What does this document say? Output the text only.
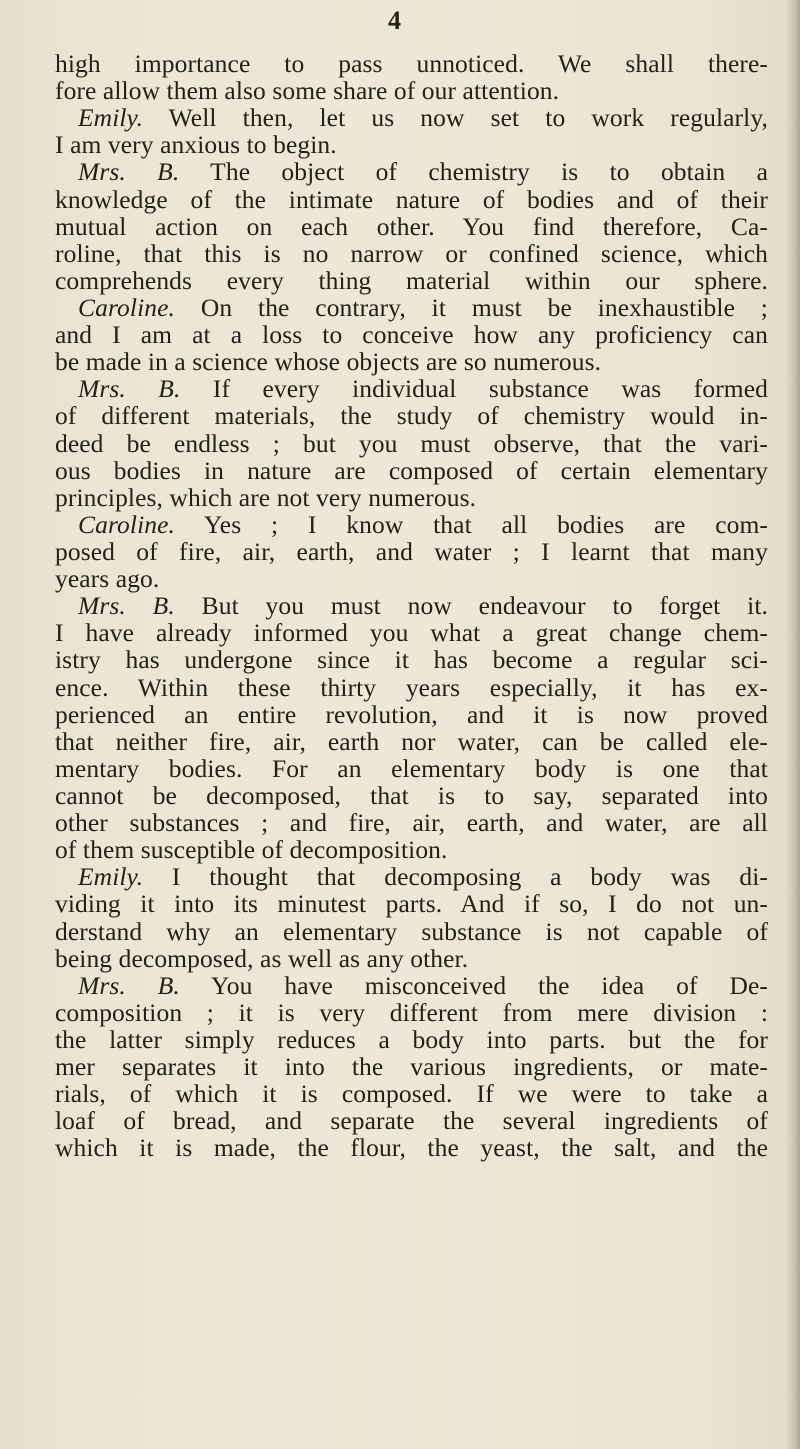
4
high importance to pass unnoticed. We shall there-
fore allow them also some share of our attention.
Emily. Well then, let us now set to work regularly,
I am very anxious to begin.
Mrs. B. The object of chemistry is to obtain a
knowledge of the intimate nature of bodies and of their
mutual action on each other. You find therefore, Ca-
roline, that this is no narrow or confined science, which
comprehends every thing material within our sphere.
Caroline. On the contrary, it must be inexhaustible ;
and I am at a loss to conceive how any proficiency can
be made in a science whose objects are so numerous.
Mrs. B. If every individual substance was formed
of different materials, the study of chemistry would in-
deed be endless ; but you must observe, that the vari-
ous bodies in nature are composed of certain elementary
principles, which are not very numerous.
Caroline. Yes ; I know that all bodies are com-
posed of fire, air, earth, and water ; I learnt that many
years ago.
Mrs. B. But you must now endeavour to forget it.
I have already informed you what a great change chem-
istry has undergone since it has become a regular sci-
ence. Within these thirty years especially, it has ex-
perienced an entire revolution, and it is now proved
that neither fire, air, earth nor water, can be called ele-
mentary bodies. For an elementary body is one that
cannot be decomposed, that is to say, separated into
other substances ; and fire, air, earth, and water, are all
of them susceptible of decomposition.
Emily. I thought that decomposing a body was di-
viding it into its minutest parts. And if so, I do not un-
derstand why an elementary substance is not capable of
being decomposed, as well as any other.
Mrs. B. You have misconceived the idea of De-
composition ; it is very different from mere division :
the latter simply reduces a body into parts. but the for
mer separates it into the various ingredients, or mate-
rials, of which it is composed. If we were to take a
loaf of bread, and separate the several ingredients of
which it is made, the flour, the yeast, the salt, and the
